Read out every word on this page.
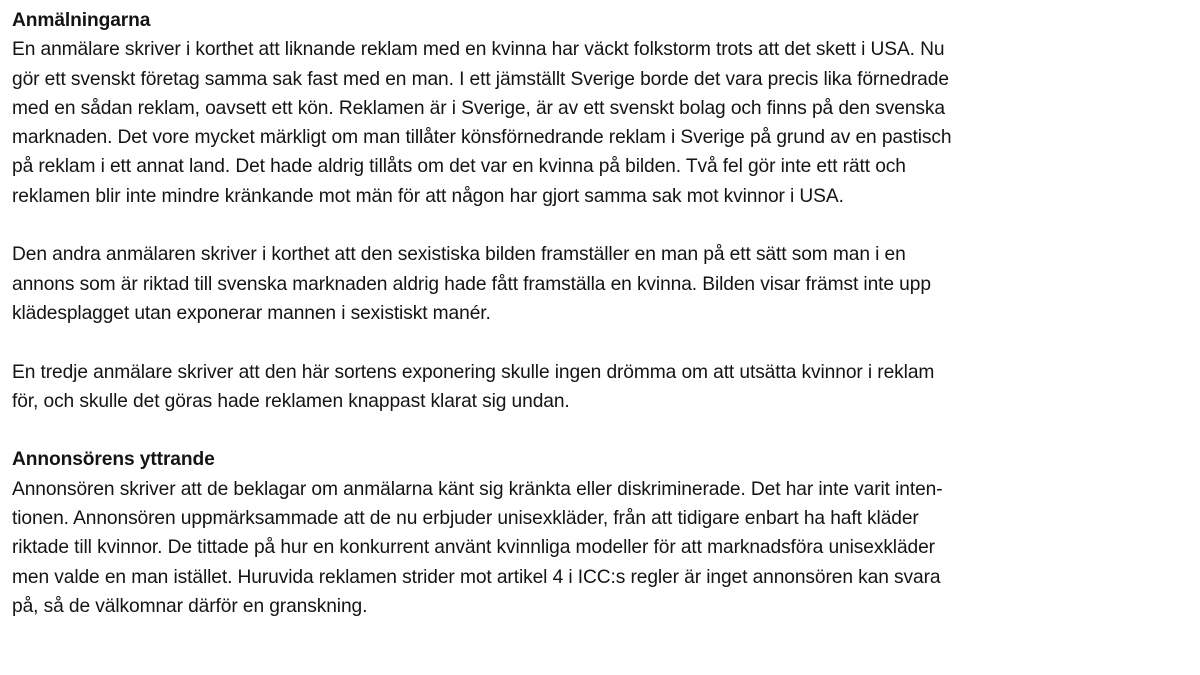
Anmälningarna

En anmälare skriver i korthet att liknande reklam med en kvinna har väckt folkstorm trots att det skett i USA. Nu
gör ett svenskt företag samma sak fast med en man. I ett jämställt Sverige borde det vara precis lika förnedrade
med en sådan reklam, oavsett ett kön. Reklamen är i Sverige, är av ett svenskt bolag och finns på den svenska
marknaden. Det vore mycket märkligt om man tillåter könsförnedrande reklam i Sverige på grund av en pastisch
på reklam i ett annat land. Det hade aldrig tillåts om det var en kvinna på bilden. Två fel gör inte ett rätt och
reklamen blir inte mindre kränkande mot män för att någon har gjort samma sak mot kvinnor i USA.

Den andra anmälaren skriver i korthet att den sexistiska bilden framställer en man på ett sätt som man i en
annons som är riktad till svenska marknaden aldrig hade fått framställa en kvinna. Bilden visar främst inte upp
klädesplagget utan exponerar mannen i sexistiskt manér.

En tredje anmälare skriver att den här sortens exponering skulle ingen drömma om att utsätta kvinnor i reklam
för, och skulle det göras hade reklamen knappast klarat sig undan.

Annonsörens yttrande

Annonsören skriver att de beklagar om anmälarna känt sig kränkta eller diskriminerade. Det har inte varit inten-
tionen. Annonsören uppmärksammade att de nu erbjuder unisexkläder, från att tidigare enbart ha haft kläder
riktade till kvinnor. De tittade på hur en konkurrent använt kvinnliga modeller för att marknadsföra unisexkläder
men valde en man istället. Huruvida reklamen strider mot artikel 4 i ICC:s regler är inget annonsören kan svara
på, så de välkomnar därför en granskning.
